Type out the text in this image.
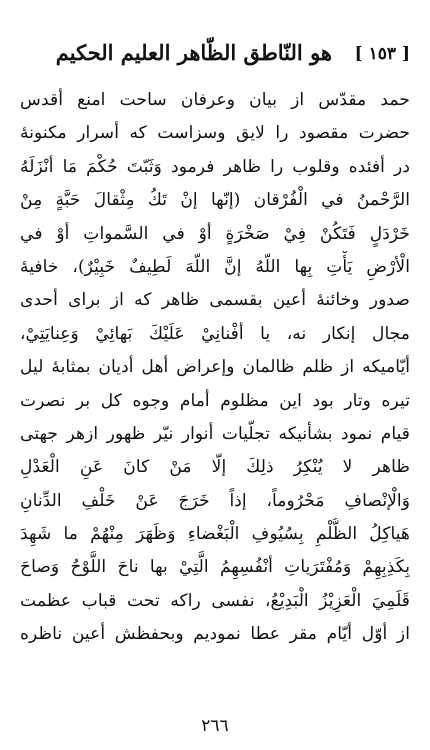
[ ١٥٣ ]
هو النّاطق الظّاهر العليم الحكيم
حمد مقدّس از بيان وعرفان ساحت امنع أقدس
حضرت مقصود را لايق وسزاست كه أسرار مكنونهٔ
در أفئده وقلوب را ظاهر فرمود وَثَبّتَ حُكْمَ مَا أنْزَلَهُ
الرَّحْمنُ في الْفُرْقان (إنّها إنْ تَكُ مِثْقالَ حَبَّةٍ مِنْ
خَرْدَلٍ فَتَكُنْ فِيْ صَخْرَةٍ أوْ في السَّمواتِ أوْ في
الْأرْضِ يَأْتِ بِها اللّهُ إنَّ اللّهَ لَطِيفٌ خَبِيْرٌ)، خافيهٔ
صدور وخائنهٔ أعين بقسمى ظاهر كه از براى أحدى
مجال إنكار نه، يا أفْنانِيْ عَلَيْكَ بَهائِيْ وَعِنايَتِيْ،
أيّاميكه از ظلم ظالمان وإعراض أهل أديان بمثابهٔ ليل
تيره وتار بود اين مظلوم أمام وجوه كل بر نصرت
قيام نمود بشأنيكه تجلّيات أنوار نيّر ظهور ازهر جهتى
ظاهر لا يُنْكِرُ ذلِكَ إلّا مَنْ كانَ عَنِ الْعَدْلِ
وَالْإنْصافِ مَحْرُوماً، إذاً خَرَجَ عَنْ خَلْفِ الدِّنانِ
هَياكِلُ الظُّلْمِ بِسُيُوفِ الْبَغْضاءِ وَظَهَرَ مِنْهُمْ ما شَهِدَ
بِكَذِبِهِمْ وَمُفْتَرَياتِ أنْفُسِهِمُ الَّتِيْ بها ناحَ اللَّوْحُ وَصاحَ
قَلَمِيَ الْعَزِيْزُ الْبَدِيْعُ، نفسى راكه تحت قباب عظمت
از أوّل أيّام مقر عطا نموديم وبحفظش أعين ناظره
٢٦٦
